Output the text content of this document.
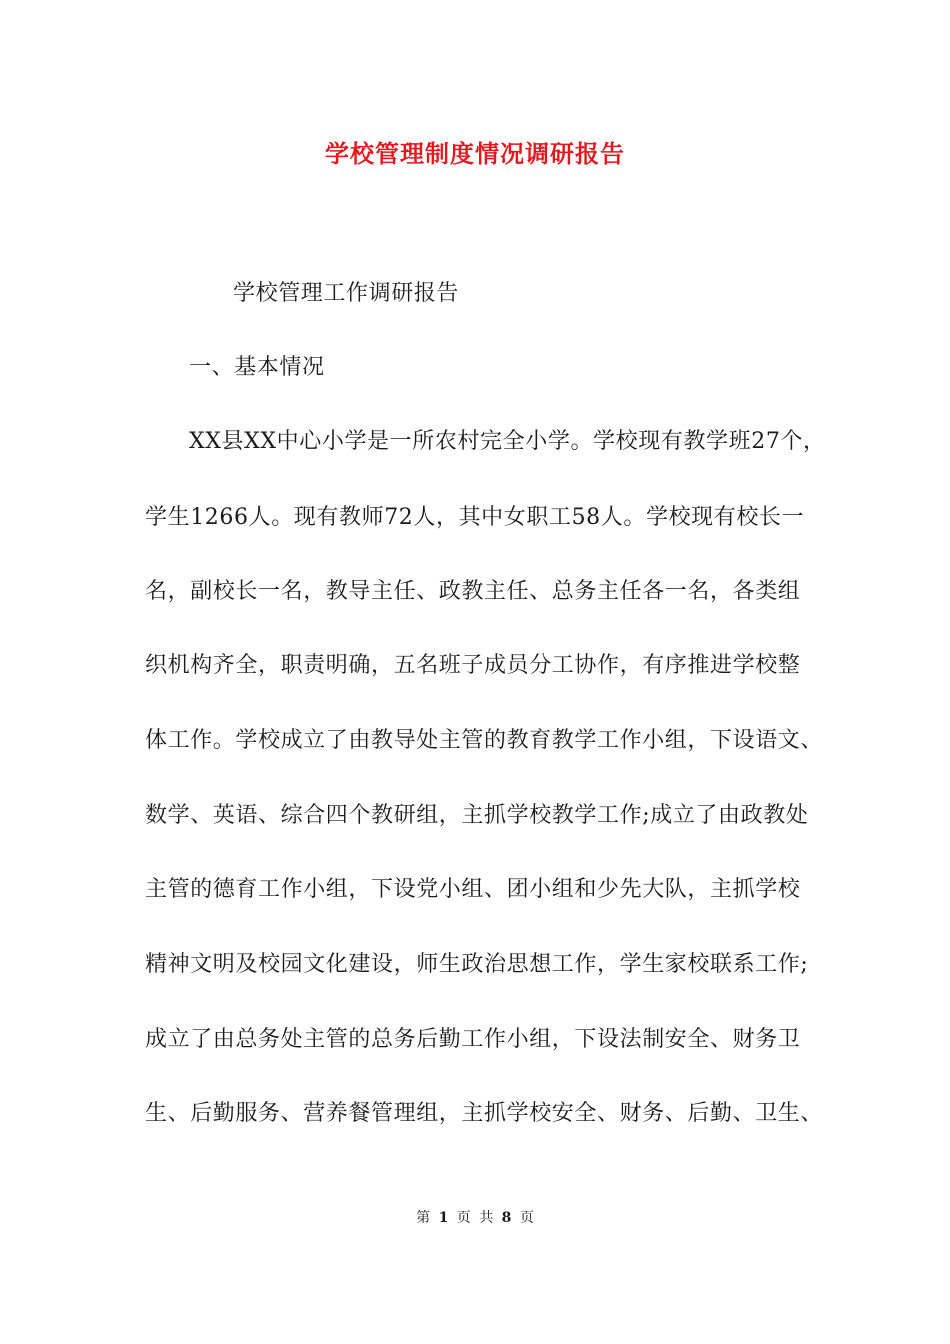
学校管理制度情况调研报告
学校管理工作调研报告
一、基本情况
XX县XX中心小学是一所农村完全小学。学校现有教学班27个，
学生1266人。现有教师72人，其中女职工58人。学校现有校长一
名，副校长一名，教导主任、政教主任、总务主任各一名，各类组
织机构齐全，职责明确，五名班子成员分工协作，有序推进学校整
体工作。学校成立了由教导处主管的教育教学工作小组，下设语文、
数学、英语、综合四个教研组，主抓学校教学工作;成立了由政教处
主管的德育工作小组，下设党小组、团小组和少先大队，主抓学校
精神文明及校园文化建设，师生政治思想工作，学生家校联系工作;
成立了由总务处主管的总务后勤工作小组，下设法制安全、财务卫
生、后勤服务、营养餐管理组，主抓学校安全、财务、后勤、卫生、
第 1 页 共 8 页
